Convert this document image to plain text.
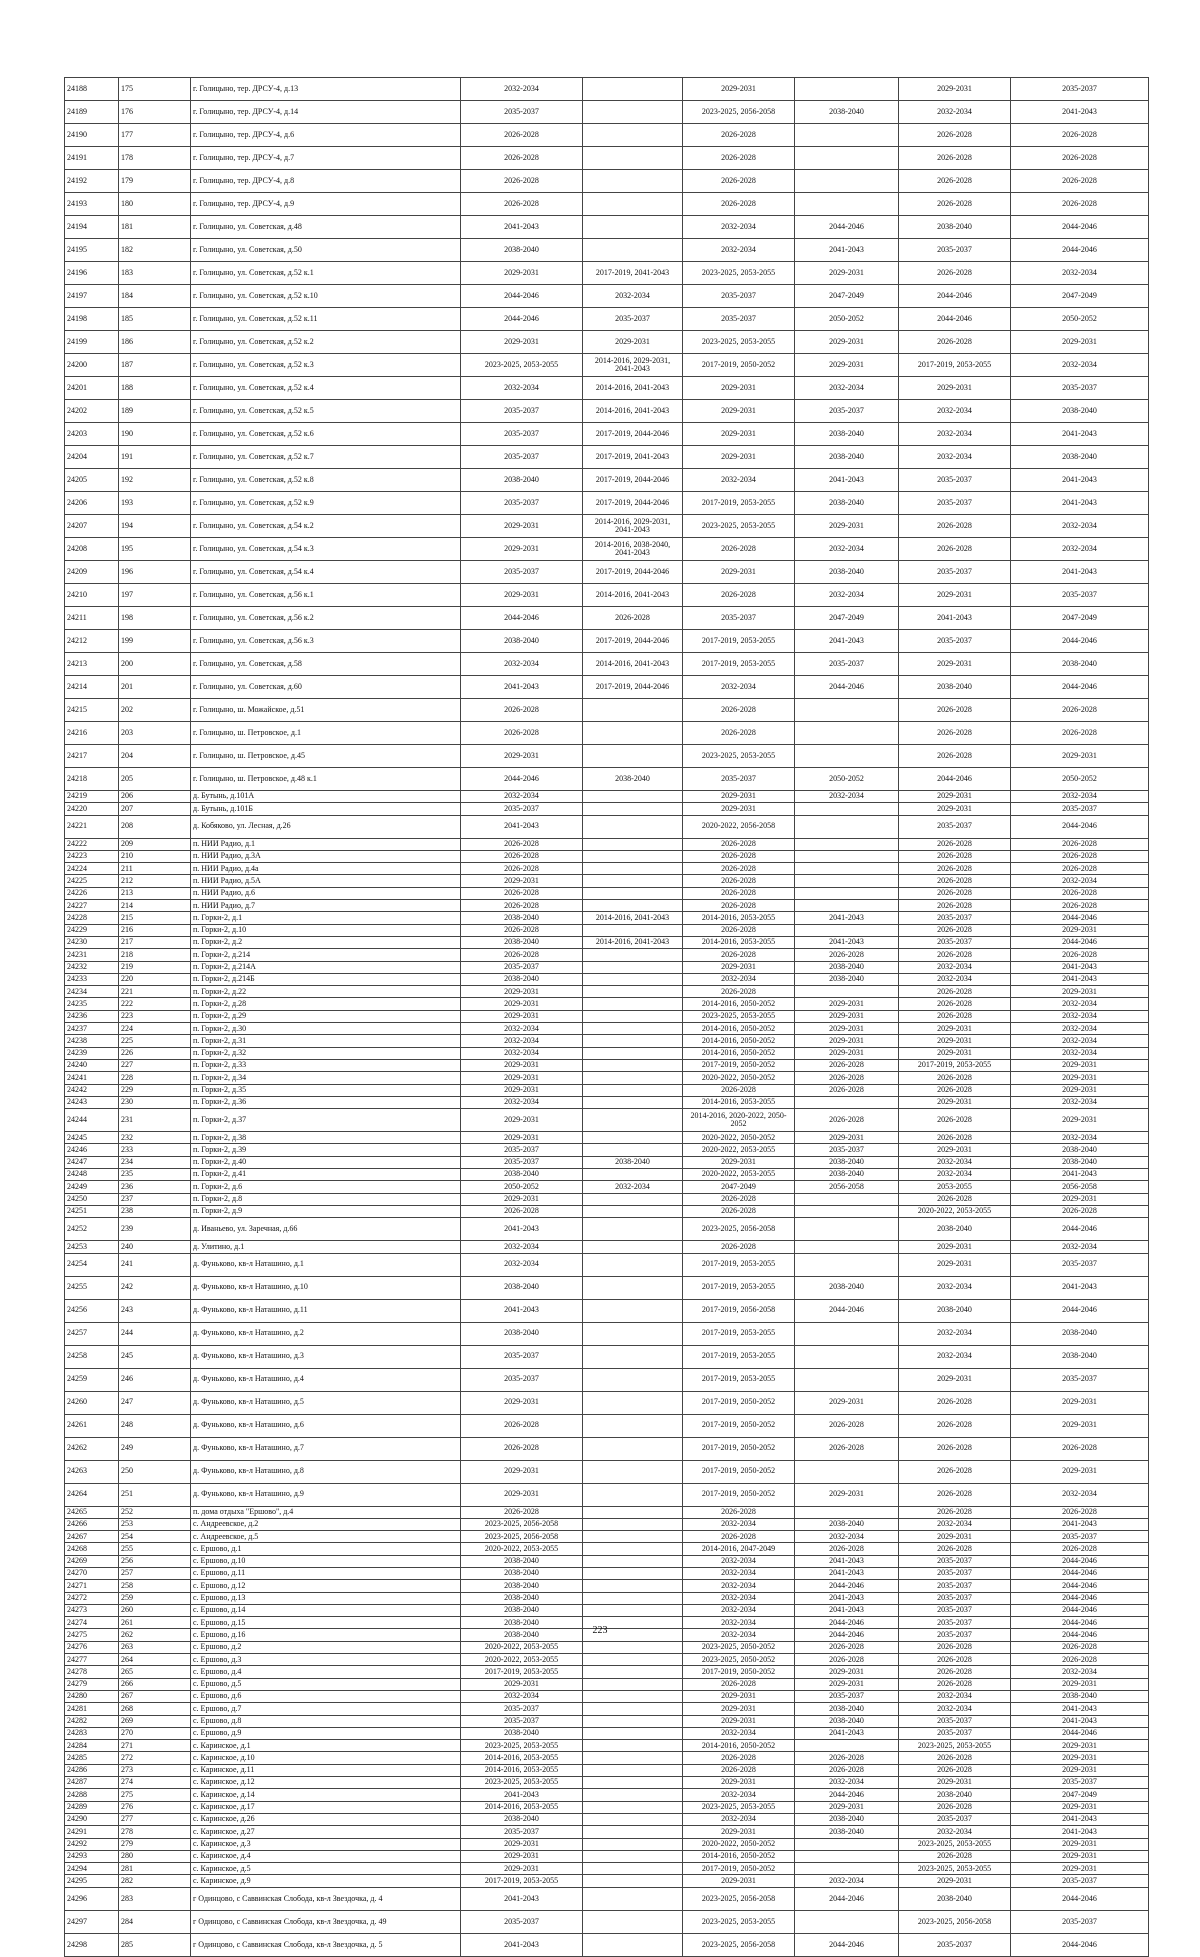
24188	175	г. Голицыно, тер. ДРСУ-4, д.13	2032-2034		2029-2031		2029-2031	2035-2037
24189	176	г. Голицыно, тер. ДРСУ-4, д.14	2035-2037		2023-2025, 2056-2058	2038-2040	2032-2034	2041-2043
24190	177	г. Голицыно, тер. ДРСУ-4, д.6	2026-2028		2026-2028		2026-2028	2026-2028
24191	178	г. Голицыно, тер. ДРСУ-4, д.7	2026-2028		2026-2028		2026-2028	2026-2028
24192	179	г. Голицыно, тер. ДРСУ-4, д.8	2026-2028		2026-2028		2026-2028	2026-2028
24193	180	г. Голицыно, тер. ДРСУ-4, д.9	2026-2028		2026-2028		2026-2028	2026-2028
24194	181	г. Голицыно, ул. Советская, д.48	2041-2043		2032-2034	2044-2046	2038-2040	2044-2046
24195	182	г. Голицыно, ул. Советская, д.50	2038-2040		2032-2034	2041-2043	2035-2037	2044-2046
24196	183	г. Голицыно, ул. Советская, д.52 к.1	2029-2031	2017-2019, 2041-2043	2023-2025, 2053-2055	2029-2031	2026-2028	2032-2034
24197	184	г. Голицыно, ул. Советская, д.52 к.10	2044-2046	2032-2034	2035-2037	2047-2049	2044-2046	2047-2049
24198	185	г. Голицыно, ул. Советская, д.52 к.11	2044-2046	2035-2037	2035-2037	2050-2052	2044-2046	2050-2052
24199	186	г. Голицыно, ул. Советская, д.52 к.2	2029-2031	2029-2031	2023-2025, 2053-2055	2029-2031	2026-2028	2029-2031
24200	187	г. Голицыно, ул. Советская, д.52 к.3	2023-2025, 2053-2055	2014-2016, 2029-2031, 2041-2043	2017-2019, 2050-2052	2029-2031	2017-2019, 2053-2055	2032-2034
24201	188	г. Голицыно, ул. Советская, д.52 к.4	2032-2034	2014-2016, 2041-2043	2029-2031	2032-2034	2029-2031	2035-2037
24202	189	г. Голицыно, ул. Советская, д.52 к.5	2035-2037	2014-2016, 2041-2043	2029-2031	2035-2037	2032-2034	2038-2040
24203	190	г. Голицыно, ул. Советская, д.52 к.6	2035-2037	2017-2019, 2044-2046	2029-2031	2038-2040	2032-2034	2041-2043
24204	191	г. Голицыно, ул. Советская, д.52 к.7	2035-2037	2017-2019, 2041-2043	2029-2031	2038-2040	2032-2034	2038-2040
24205	192	г. Голицыно, ул. Советская, д.52 к.8	2038-2040	2017-2019, 2044-2046	2032-2034	2041-2043	2035-2037	2041-2043
24206	193	г. Голицыно, ул. Советская, д.52 к.9	2035-2037	2017-2019, 2044-2046	2017-2019, 2053-2055	2038-2040	2035-2037	2041-2043
24207	194	г. Голицыно, ул. Советская, д.54 к.2	2029-2031	2014-2016, 2029-2031, 2041-2043	2023-2025, 2053-2055	2029-2031	2026-2028	2032-2034
24208	195	г. Голицыно, ул. Советская, д.54 к.3	2029-2031	2014-2016, 2038-2040, 2041-2043	2026-2028	2032-2034	2026-2028	2032-2034
24209	196	г. Голицыно, ул. Советская, д.54 к.4	2035-2037	2017-2019, 2044-2046	2029-2031	2038-2040	2035-2037	2041-2043
24210	197	г. Голицыно, ул. Советская, д.56 к.1	2029-2031	2014-2016, 2041-2043	2026-2028	2032-2034	2029-2031	2035-2037
24211	198	г. Голицыно, ул. Советская, д.56 к.2	2044-2046	2026-2028	2035-2037	2047-2049	2041-2043	2047-2049
24212	199	г. Голицыно, ул. Советская, д.56 к.3	2038-2040	2017-2019, 2044-2046	2017-2019, 2053-2055	2041-2043	2035-2037	2044-2046
24213	200	г. Голицыно, ул. Советская, д.58	2032-2034	2014-2016, 2041-2043	2017-2019, 2053-2055	2035-2037	2029-2031	2038-2040
24214	201	г. Голицыно, ул. Советская, д.60	2041-2043	2017-2019, 2044-2046	2032-2034	2044-2046	2038-2040	2044-2046
24215	202	г. Голицыно, ш. Можайское, д.51	2026-2028		2026-2028		2026-2028	2026-2028
24216	203	г. Голицыно, ш. Петровское, д.1	2026-2028		2026-2028		2026-2028	2026-2028
24217	204	г. Голицыно, ш. Петровское, д.45	2029-2031		2023-2025, 2053-2055		2026-2028	2029-2031
24218	205	г. Голицыно, ш. Петровское, д.48 к.1	2044-2046	2038-2040	2035-2037	2050-2052	2044-2046	2050-2052
24219	206	д. Бутынь, д.101А	2032-2034		2029-2031	2032-2034	2029-2031	2032-2034
24220	207	д. Бутынь, д.101Б	2035-2037		2029-2031		2029-2031	2035-2037
24221	208	д. Кобяково, ул. Лесная, д.26	2041-2043		2020-2022, 2056-2058		2035-2037	2044-2046
24222	209	п. НИИ Радио, д.1	2026-2028		2026-2028		2026-2028	2026-2028
24223	210	п. НИИ Радио, д.3А	2026-2028		2026-2028		2026-2028	2026-2028
24224	211	п. НИИ Радио, д.4а	2026-2028		2026-2028		2026-2028	2026-2028
24225	212	п. НИИ Радио, д.5А	2029-2031		2026-2028		2026-2028	2032-2034
24226	213	п. НИИ Радио, д.6	2026-2028		2026-2028		2026-2028	2026-2028
24227	214	п. НИИ Радио, д.7	2026-2028		2026-2028		2026-2028	2026-2028
24228	215	п. Горки-2, д.1	2038-2040	2014-2016, 2041-2043	2014-2016, 2053-2055	2041-2043	2035-2037	2044-2046
24229	216	п. Горки-2, д.10	2026-2028		2026-2028		2026-2028	2029-2031
24230	217	п. Горки-2, д.2	2038-2040	2014-2016, 2041-2043	2014-2016, 2053-2055	2041-2043	2035-2037	2044-2046
24231	218	п. Горки-2, д.214	2026-2028		2026-2028	2026-2028	2026-2028	2026-2028
24232	219	п. Горки-2, д.214А	2035-2037		2029-2031	2038-2040	2032-2034	2041-2043
24233	220	п. Горки-2, д.214Б	2038-2040		2032-2034	2038-2040	2032-2034	2041-2043
24234	221	п. Горки-2, д.22	2029-2031		2026-2028		2026-2028	2029-2031
24235	222	п. Горки-2, д.28	2029-2031		2014-2016, 2050-2052	2029-2031	2026-2028	2032-2034
24236	223	п. Горки-2, д.29	2029-2031		2023-2025, 2053-2055	2029-2031	2026-2028	2032-2034
24237	224	п. Горки-2, д.30	2032-2034		2014-2016, 2050-2052	2029-2031	2029-2031	2032-2034
24238	225	п. Горки-2, д.31	2032-2034		2014-2016, 2050-2052	2029-2031	2029-2031	2032-2034
24239	226	п. Горки-2, д.32	2032-2034		2014-2016, 2050-2052	2029-2031	2029-2031	2032-2034
24240	227	п. Горки-2, д.33	2029-2031		2017-2019, 2050-2052	2026-2028	2017-2019, 2053-2055	2029-2031
24241	228	п. Горки-2, д.34	2029-2031		2020-2022, 2050-2052	2026-2028	2026-2028	2029-2031
24242	229	п. Горки-2, д.35	2029-2031		2026-2028	2026-2028	2026-2028	2029-2031
24243	230	п. Горки-2, д.36	2032-2034		2014-2016, 2053-2055		2029-2031	2032-2034
24244	231	п. Горки-2, д.37	2029-2031		2014-2016, 2020-2022, 2050-2052	2026-2028	2026-2028	2029-2031
24245	232	п. Горки-2, д.38	2029-2031		2020-2022, 2050-2052	2029-2031	2026-2028	2032-2034
24246	233	п. Горки-2, д.39	2035-2037		2020-2022, 2053-2055	2035-2037	2029-2031	2038-2040
24247	234	п. Горки-2, д.40	2035-2037	2038-2040	2029-2031	2038-2040	2032-2034	2038-2040
24248	235	п. Горки-2, д.41	2038-2040		2020-2022, 2053-2055	2038-2040	2032-2034	2041-2043
24249	236	п. Горки-2, д.6	2050-2052	2032-2034	2047-2049	2056-2058	2053-2055	2056-2058
24250	237	п. Горки-2, д.8	2029-2031		2026-2028		2026-2028	2029-2031
24251	238	п. Горки-2, д.9	2026-2028		2026-2028		2020-2022, 2053-2055	2026-2028
24252	239	д. Иваньево, ул. Заречная, д.66	2041-2043		2023-2025, 2056-2058		2038-2040	2044-2046
24253	240	д. Улитино, д.1	2032-2034		2026-2028		2029-2031	2032-2034
24254	241	д. Фуньково, кв-л Наташино, д.1	2032-2034		2017-2019, 2053-2055		2029-2031	2035-2037
24255	242	д. Фуньково, кв-л Наташино, д.10	2038-2040		2017-2019, 2053-2055	2038-2040	2032-2034	2041-2043
24256	243	д. Фуньково, кв-л Наташино, д.11	2041-2043		2017-2019, 2056-2058	2044-2046	2038-2040	2044-2046
24257	244	д. Фуньково, кв-л Наташино, д.2	2038-2040		2017-2019, 2053-2055		2032-2034	2038-2040
24258	245	д. Фуньково, кв-л Наташино, д.3	2035-2037		2017-2019, 2053-2055		2032-2034	2038-2040
24259	246	д. Фуньково, кв-л Наташино, д.4	2035-2037		2017-2019, 2053-2055		2029-2031	2035-2037
24260	247	д. Фуньково, кв-л Наташино, д.5	2029-2031		2017-2019, 2050-2052	2029-2031	2026-2028	2029-2031
24261	248	д. Фуньково, кв-л Наташино, д.6	2026-2028		2017-2019, 2050-2052	2026-2028	2026-2028	2029-2031
24262	249	д. Фуньково, кв-л Наташино, д.7	2026-2028		2017-2019, 2050-2052	2026-2028	2026-2028	2026-2028
24263	250	д. Фуньково, кв-л Наташино, д.8	2029-2031		2017-2019, 2050-2052		2026-2028	2029-2031
24264	251	д. Фуньково, кв-л Наташино, д.9	2029-2031		2017-2019, 2050-2052	2029-2031	2026-2028	2032-2034
24265	252	п. дома отдыха "Ершово", д.4	2026-2028		2026-2028		2026-2028	2026-2028
24266	253	с. Андреевское, д.2	2023-2025, 2056-2058		2032-2034	2038-2040	2032-2034	2041-2043
24267	254	с. Андреевское, д.5	2023-2025, 2056-2058		2026-2028	2032-2034	2029-2031	2035-2037
24268	255	с. Ершово, д.1	2020-2022, 2053-2055		2014-2016, 2047-2049	2026-2028	2026-2028	2026-2028
24269	256	с. Ершово, д.10	2038-2040		2032-2034	2041-2043	2035-2037	2044-2046
24270	257	с. Ершово, д.11	2038-2040		2032-2034	2041-2043	2035-2037	2044-2046
24271	258	с. Ершово, д.12	2038-2040		2032-2034	2044-2046	2035-2037	2044-2046
24272	259	с. Ершово, д.13	2038-2040		2032-2034	2041-2043	2035-2037	2044-2046
24273	260	с. Ершово, д.14	2038-2040		2032-2034	2041-2043	2035-2037	2044-2046
24274	261	с. Ершово, д.15	2038-2040		2032-2034	2044-2046	2035-2037	2044-2046
24275	262	с. Ершово, д.16	2038-2040		2032-2034	2044-2046	2035-2037	2044-2046
24276	263	с. Ершово, д.2	2020-2022, 2053-2055		2023-2025, 2050-2052	2026-2028	2026-2028	2026-2028
24277	264	с. Ершово, д.3	2020-2022, 2053-2055		2023-2025, 2050-2052	2026-2028	2026-2028	2026-2028
24278	265	с. Ершово, д.4	2017-2019, 2053-2055		2017-2019, 2050-2052	2029-2031	2026-2028	2032-2034
24279	266	с. Ершово, д.5	2029-2031		2026-2028	2029-2031	2026-2028	2029-2031
24280	267	с. Ершово, д.6	2032-2034		2029-2031	2035-2037	2032-2034	2038-2040
24281	268	с. Ершово, д.7	2035-2037		2029-2031	2038-2040	2032-2034	2041-2043
24282	269	с. Ершово, д.8	2035-2037		2029-2031	2038-2040	2035-2037	2041-2043
24283	270	с. Ершово, д.9	2038-2040		2032-2034	2041-2043	2035-2037	2044-2046
24284	271	с. Каринское, д.1	2023-2025, 2053-2055		2014-2016, 2050-2052		2023-2025, 2053-2055	2029-2031
24285	272	с. Каринское, д.10	2014-2016, 2053-2055		2026-2028	2026-2028	2026-2028	2029-2031
24286	273	с. Каринское, д.11	2014-2016, 2053-2055		2026-2028	2026-2028	2026-2028	2029-2031
24287	274	с. Каринское, д.12	2023-2025, 2053-2055		2029-2031	2032-2034	2029-2031	2035-2037
24288	275	с. Каринское, д.14	2041-2043		2032-2034	2044-2046	2038-2040	2047-2049
24289	276	с. Каринское, д.17	2014-2016, 2053-2055		2023-2025, 2053-2055	2029-2031	2026-2028	2029-2031
24290	277	с. Каринское, д.26	2038-2040		2032-2034	2038-2040	2035-2037	2041-2043
24291	278	с. Каринское, д.27	2035-2037		2029-2031	2038-2040	2032-2034	2041-2043
24292	279	с. Каринское, д.3	2029-2031		2020-2022, 2050-2052		2023-2025, 2053-2055	2029-2031
24293	280	с. Каринское, д.4	2029-2031		2014-2016, 2050-2052		2026-2028	2029-2031
24294	281	с. Каринское, д.5	2029-2031		2017-2019, 2050-2052		2023-2025, 2053-2055	2029-2031
24295	282	с. Каринское, д.9	2017-2019, 2053-2055		2029-2031	2032-2034	2029-2031	2035-2037
24296	283	г Одинцово, с Саввинская Слобода, кв-л Звездочка, д. 4	2041-2043		2023-2025, 2056-2058	2044-2046	2038-2040	2044-2046
24297	284	г Одинцово, с Саввинская Слобода, кв-л Звездочка, д. 49	2035-2037		2023-2025, 2053-2055		2023-2025, 2056-2058	2035-2037
24298	285	г Одинцово, с Саввинская Слобода, кв-л Звездочка, д. 5	2041-2043		2023-2025, 2056-2058	2044-2046	2035-2037	2044-2046
223
